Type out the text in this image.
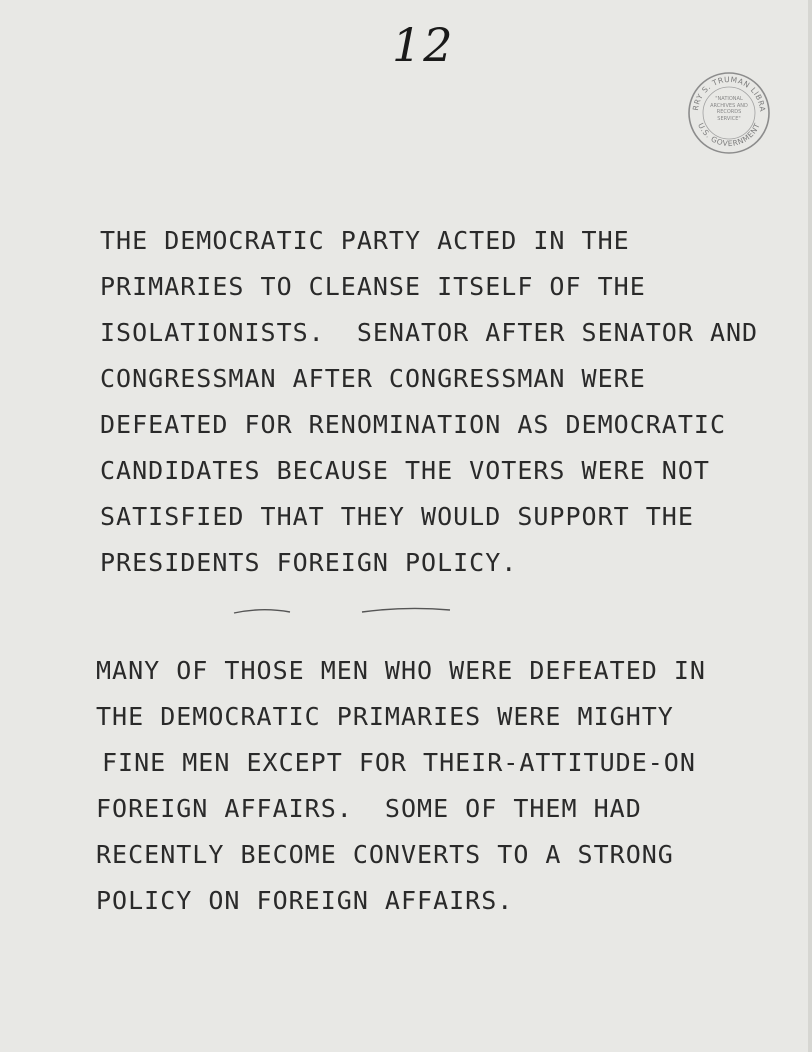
12
RRY S. TRUMAN LIBRA
U.S. GOVERNMENT
"NATIONAL ARCHIVES AND RECORDS SERVICE"
THE DEMOCRATIC PARTY ACTED IN THE
PRIMARIES TO CLEANSE ITSELF OF THE
ISOLATIONISTS.  SENATOR AFTER SENATOR AND
CONGRESSMAN AFTER CONGRESSMAN WERE
DEFEATED FOR RENOMINATION AS DEMOCRATIC
CANDIDATES BECAUSE THE VOTERS WERE NOT
SATISFIED THAT THEY WOULD SUPPORT THE
PRESIDENTS FOREIGN POLICY.
MANY OF THOSE MEN WHO WERE DEFEATED IN
THE DEMOCRATIC PRIMARIES WERE MIGHTY
FINE MEN EXCEPT FOR THEIR-ATTITUDE-ON
FOREIGN AFFAIRS.  SOME OF THEM HAD
RECENTLY BECOME CONVERTS TO A STRONG
POLICY ON FOREIGN AFFAIRS.
